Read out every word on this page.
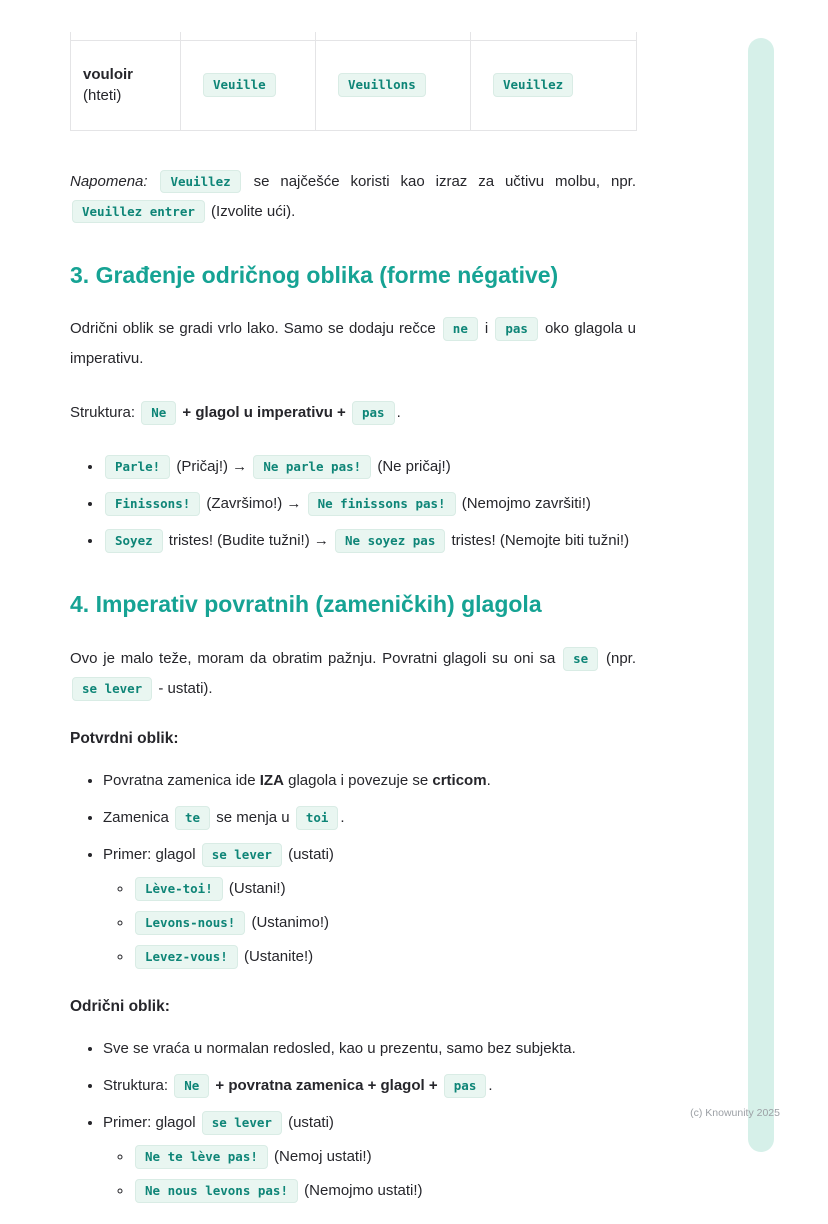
vouloir
(hteti)	Veuille	Veuillons	Veuillez

Napomena: Veuillez se najčešće koristi kao izraz za učtivu molbu, npr. Veuillez entrer (Izvolite ući).

3. Građenje odričnog oblika (forme négative)

Odrični oblik se gradi vrlo lako. Samo se dodaju rečce ne i pas oko glagola u imperativu.

Struktura: Ne + glagol u imperativu + pas .

• Parle! (Pričaj!) → Ne parle pas! (Ne pričaj!)
• Finissons! (Završimo!) → Ne finissons pas! (Nemojmo završiti!)
• Soyez tristes! (Budite tužni!) → Ne soyez pas tristes! (Nemojte biti tužni!)
4. Imperativ povratnih (zameničkih) glagola

Ovo je malo teže, moram da obratim pažnju. Povratni glagoli su oni sa se (npr. se lever - ustati).

Potvrdni oblik:

• Povratna zamenica ide IZA glagola i povezuje se crticom.
• Zamenica te se menja u toi .
• Primer: glagol se lever (ustati)
◦ Lève-toi! (Ustani!)
◦ Levons-nous! (Ustanimo!)
◦ Levez-vous! (Ustanite!)

Odrični oblik:

• Sve se vraća u normalan redosled, kao u prezentu, samo bez subjekta.
• Struktura: Ne + povratna zamenica + glagol + pas .
• Primer: glagol se lever (ustati)
◦ Ne te lève pas! (Nemoj ustati!)
◦ Ne nous levons pas! (Nemojmo ustati!)
(c) Knowunity 2025
